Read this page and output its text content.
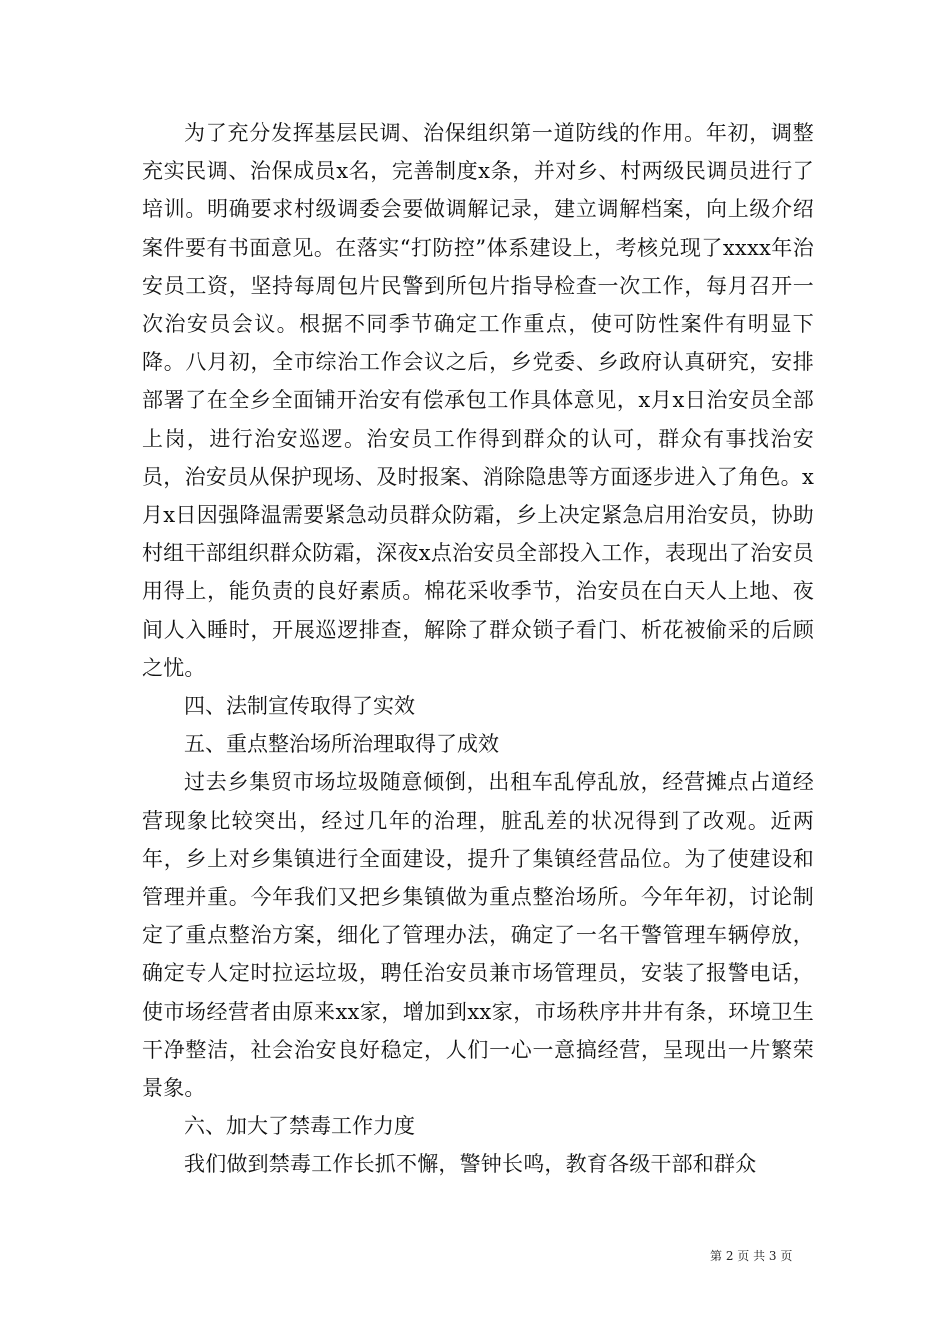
为了充分发挥基层民调、治保组织第一道防线的作用。年初，调整充实民调、治保成员x名，完善制度x条，并对乡、村两级民调员进行了培训。明确要求村级调委会要做调解记录，建立调解档案，向上级介绍案件要有书面意见。在落实“打防控”体系建设上，考核兑现了xxxx年治安员工资，坚持每周包片民警到所包片指导检查一次工作，每月召开一次治安员会议。根据不同季节确定工作重点，使可防性案件有明显下降。八月初，全市综治工作会议之后，乡党委、乡政府认真研究，安排部署了在全乡全面铺开治安有偿承包工作具体意见，x月x日治安员全部上岗，进行治安巡逻。治安员工作得到群众的认可，群众有事找治安员，治安员从保护现场、及时报案、消除隐患等方面逐步进入了角色。x月x日因强降温需要紧急动员群众防霜，乡上决定紧急启用治安员，协助村组干部组织群众防霜，深夜x点治安员全部投入工作，表现出了治安员用得上，能负责的良好素质。棉花采收季节，治安员在白天人上地、夜间人入睡时，开展巡逻排查，解除了群众锁子看门、析花被偷采的后顾之忧。

四、法制宣传取得了实效

五、重点整治场所治理取得了成效

过去乡集贸市场垃圾随意倾倒，出租车乱停乱放，经营摊点占道经营现象比较突出，经过几年的治理，脏乱差的状况得到了改观。近两年，乡上对乡集镇进行全面建设，提升了集镇经营品位。为了使建设和管理并重。今年我们又把乡集镇做为重点整治场所。今年年初，讨论制定了重点整治方案，细化了管理办法，确定了一名干警管理车辆停放，确定专人定时拉运垃圾，聘任治安员兼市场管理员，安装了报警电话，使市场经营者由原来xx家，增加到xx家，市场秩序井井有条，环境卫生干净整洁，社会治安良好稳定，人们一心一意搞经营，呈现出一片繁荣景象。

六、加大了禁毒工作力度

我们做到禁毒工作长抓不懈，警钟长鸣，教育各级干部和群众

第 2 页 共 3 页
